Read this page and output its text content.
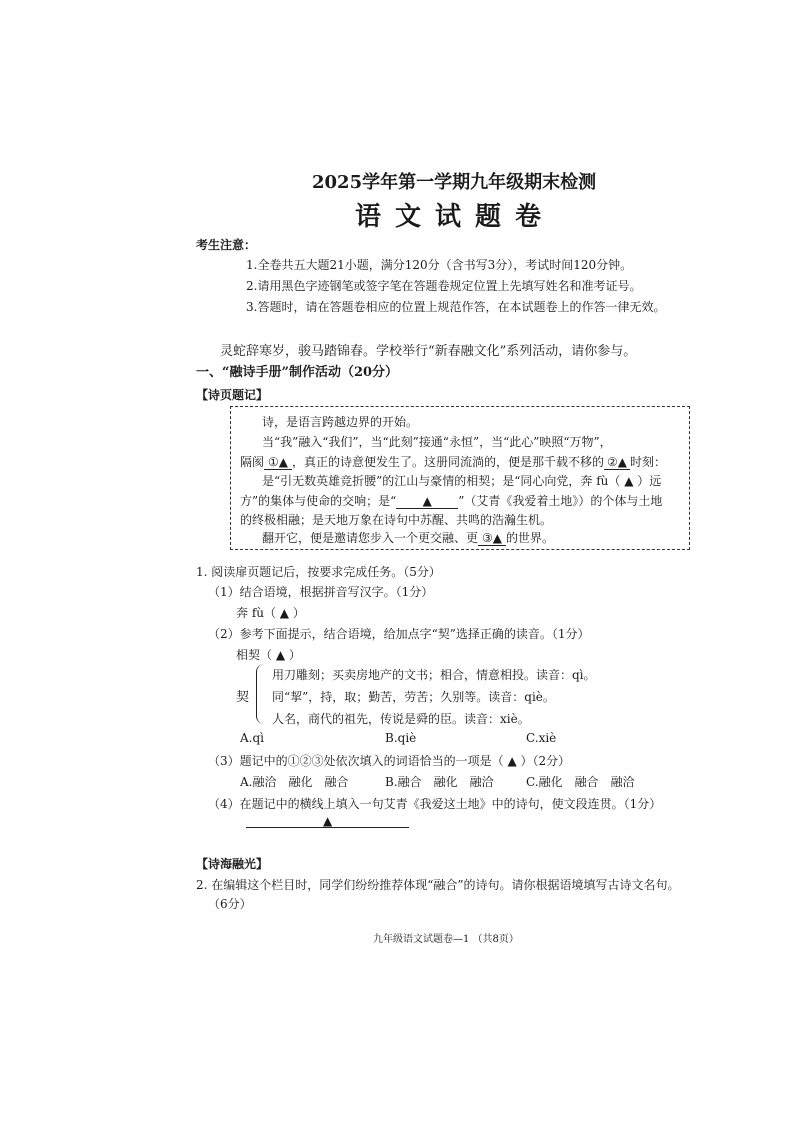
2025学年第一学期九年级期末检测
语文试题卷
考生注意：
1.全卷共五大题21小题，满分120分（含书写3分），考试时间120分钟。
2.请用黑色字迹钢笔或签字笔在答题卷规定位置上先填写姓名和准考证号。
3.答题时，请在答题卷相应的位置上规范作答，在本试题卷上的作答一律无效。
灵蛇辞寒岁，骏马踏锦春。学校举行“新春融文化”系列活动，请你参与。
一、“融诗手册”制作活动（20分）
【诗页题记】
诗，是语言跨越边界的开始。
当“我”融入“我们”，当“此刻”接通“永恒”，当“此心”映照“万物”，
隔阂 ①▲ ，真正的诗意便发生了。这册同流淌的，便是那千载不移的 ②▲ 时刻：
是“引无数英雄竞折腰”的江山与豪情的相契；是“同心向党，奔 fù（ ▲ ）远
方”的集体与使命的交响；是“ ▲ ”（艾青《我爱着土地》）的个体与土地
的终极相融；是天地万象在诗句中苏醒、共鸣的浩瀚生机。
翻开它，便是邀请您步入一个更交融、更 ③▲ 的世界。
1. 阅读扉页题记后，按要求完成任务。（5分）
（1）结合语境，根据拼音写汉字。（1分）
奔 fù（ ▲ ）
（2）参考下面提示，结合语境，给加点字“契”选择正确的读音。（1分）
相契（ ▲ ）
契
用刀雕刻；买卖房地产的文书；相合，情意相投。读音：qì。
同“挈”，持，取；勤苦，劳苦；久别等。读音：qiè。
人名，商代的祖先，传说是舜的臣。读音：xiè。
A.qì	B.qiè	C.xiè
（3）题记中的①②③处依次填入的词语恰当的一项是（ ▲ ）（2分）
A.融洽　融化　融合	B.融合　融化　融洽	C.融化　融合　融洽
（4）在题记中的横线上填入一句艾青《我爱这土地》中的诗句，使文段连贯。（1分）
▲
【诗海融光】
2. 在编辑这个栏目时，同学们纷纷推荐体现“融合”的诗句。请你根据语境填写古诗文名句。
（6分）
九年级语文试题卷—1 （共8页）
